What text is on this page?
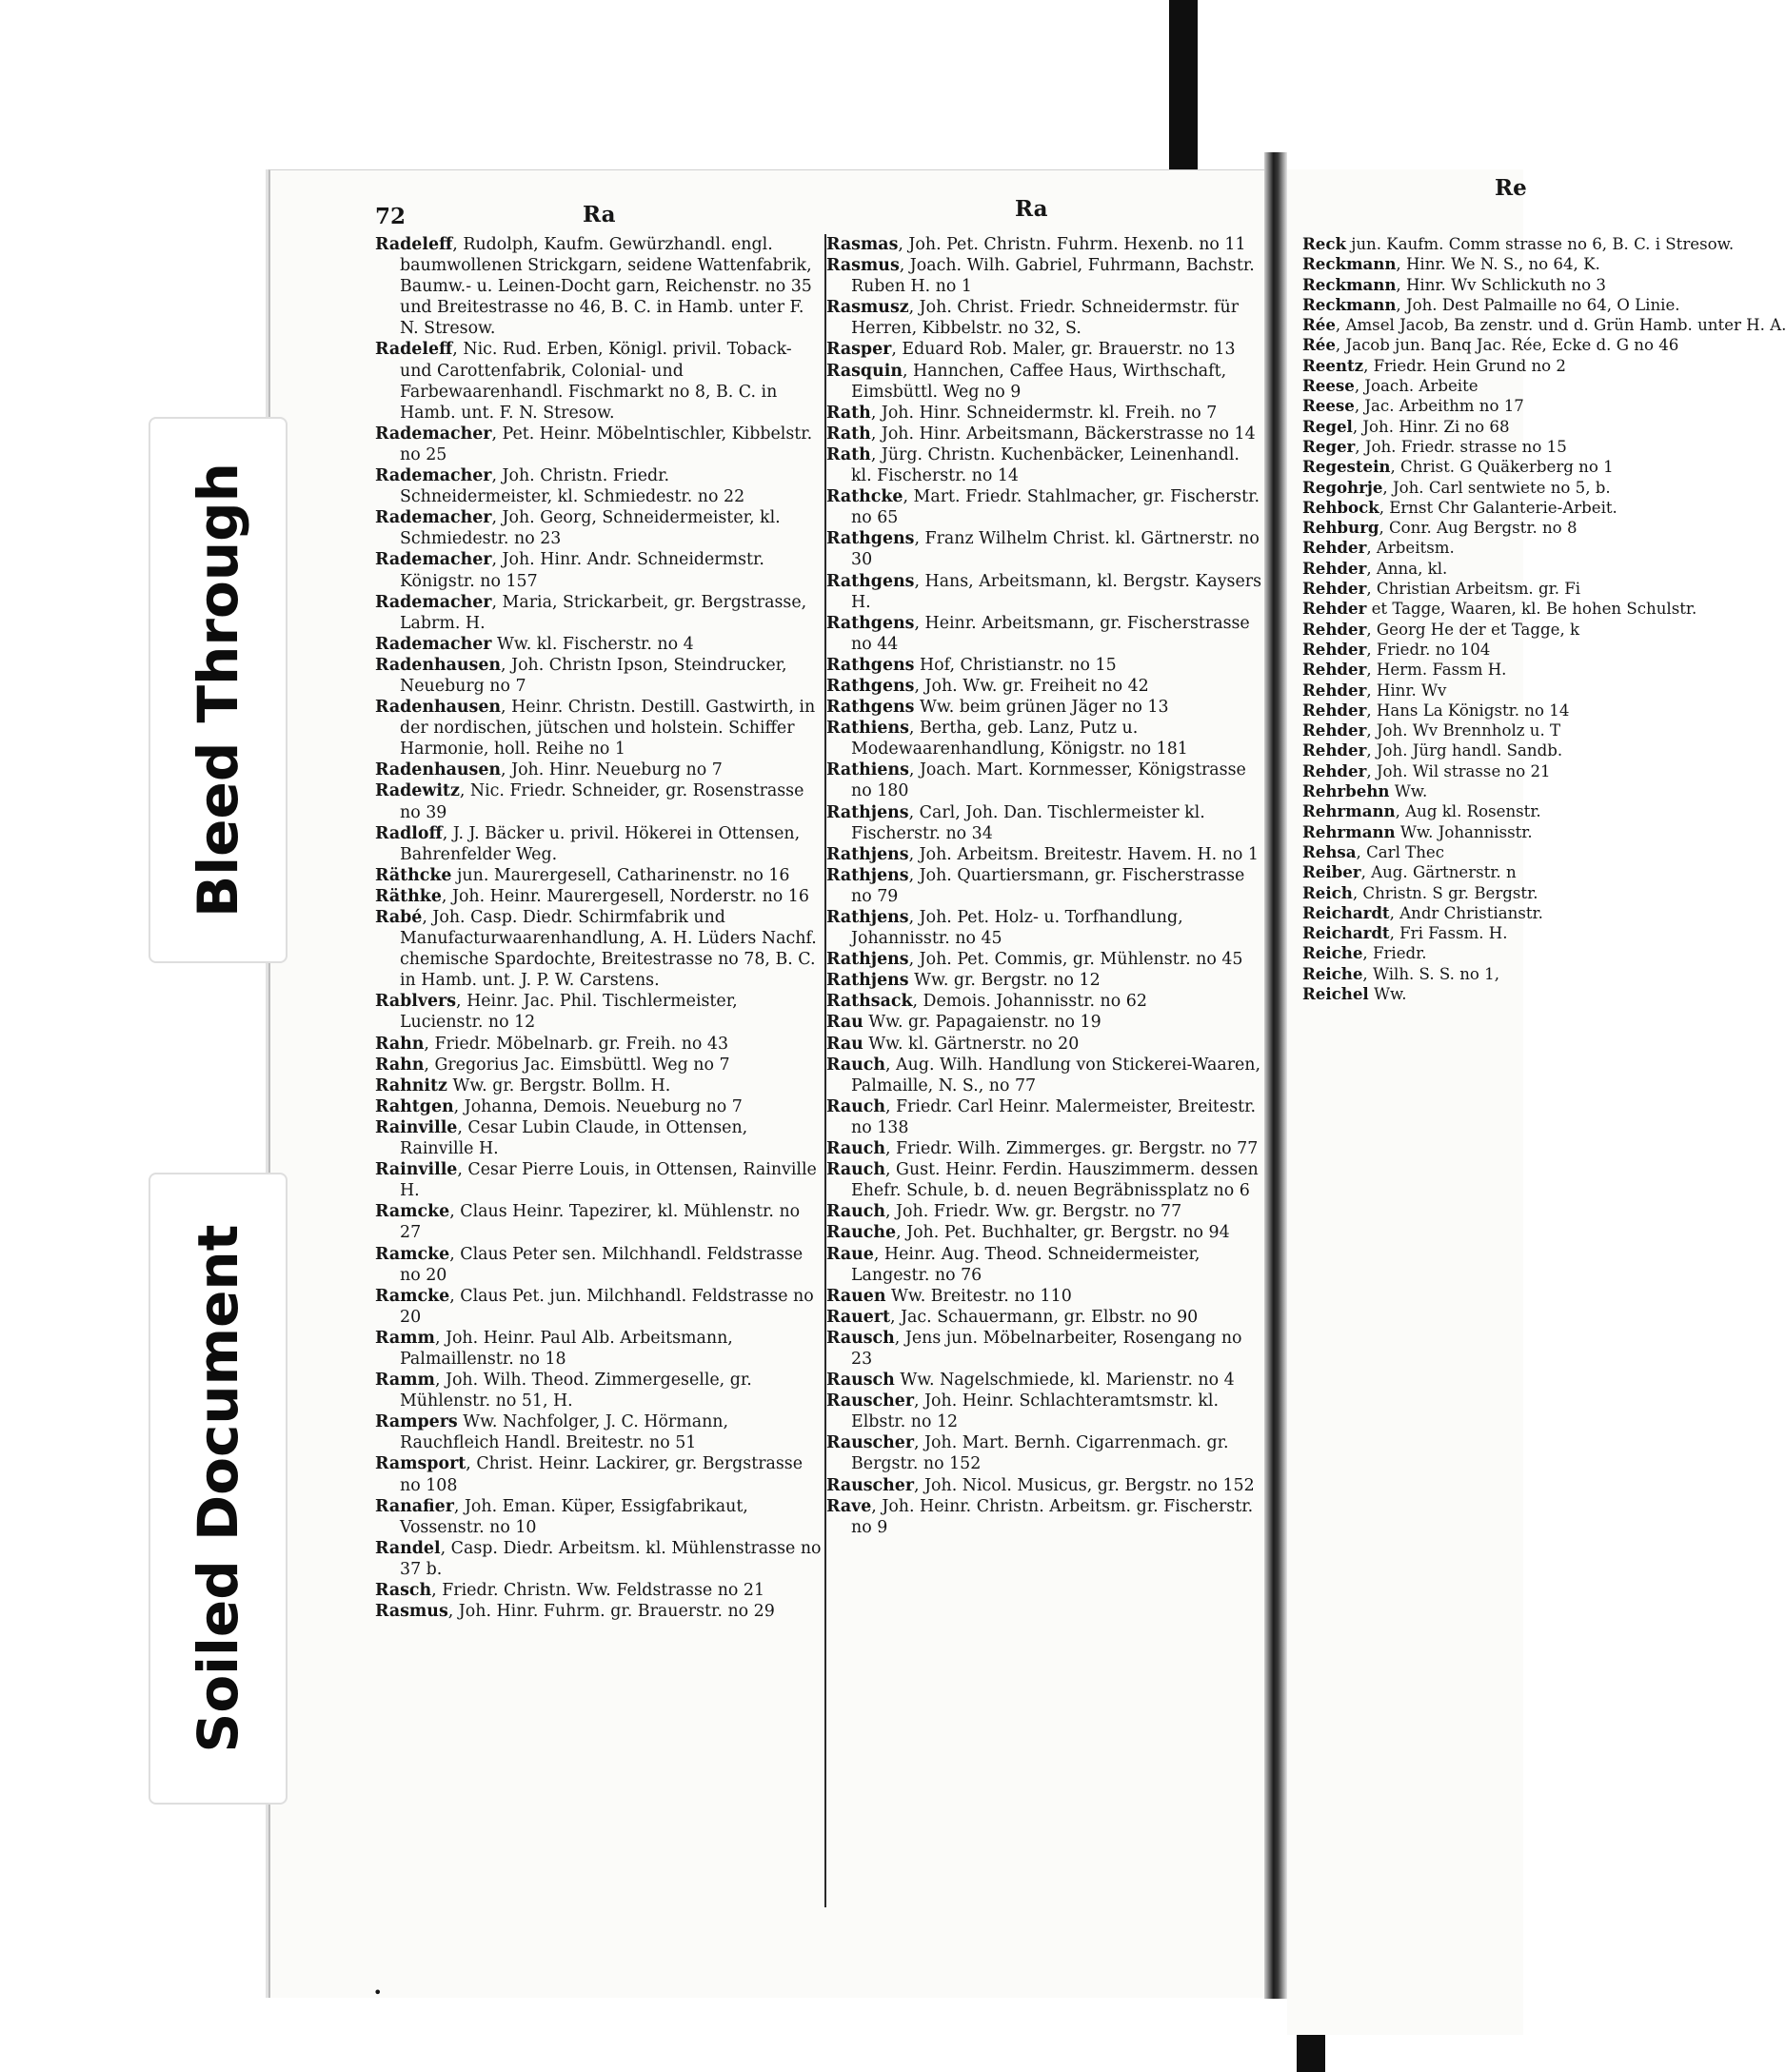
72	Ra	Ra
Re

Radeleff, Rudolph, Kaufm. Gewürzhandl. engl. baumwollenen Strickgarn, seidene Wattenfabrik, Baumw.- u. Leinen-Docht garn, Reichenstr. no 35 und Breitestrasse no 46, B. C. in Hamb. unter F. N. Stresow.

Radeleff, Nic. Rud. Erben, Königl. privil. Toback- und Carottenfabrik, Colonial- und Farbewaarenhandl. Fischmarkt no 8, B. C. in Hamb. unt. F. N. Stresow.

Rademacher, Pet. Heinr. Möbelntischler, Kibbelstr. no 25

Rademacher, Joh. Christn. Friedr. Schneidermeister, kl. Schmiedestr. no 22

Rademacher, Joh. Georg, Schneidermeister, kl. Schmiedestr. no 23

Rademacher, Joh. Hinr. Andr. Schneidermstr. Königstr. no 157

Rademacher, Maria, Strickarbeit, gr. Bergstrasse, Labrm. H.

Rademacher Ww. kl. Fischerstr. no 4

Radenhausen, Joh. Christn Ipson, Steindrucker, Neueburg no 7

Radenhausen, Heinr. Christn. Destill. Gastwirth, in der nordischen, jütschen und holstein. Schiffer Harmonie, holl. Reihe no 1

Radenhausen, Joh. Hinr. Neueburg no 7

Radewitz, Nic. Friedr. Schneider, gr. Rosenstrasse no 39

Radloff, J. J. Bäcker u. privil. Hökerei in Ottensen, Bahrenfelder Weg.

Räthcke jun. Maurergesell, Catharinenstr. no 16

Räthke, Joh. Heinr. Maurergesell, Norderstr. no 16

Rabé, Joh. Casp. Diedr. Schirmfabrik und Manufacturwaarenhandlung, A. H. Lüders Nachf. chemische Spardochte, Breitestrasse no 78, B. C. in Hamb. unt. J. P. W. Carstens.

Rablvers, Heinr. Jac. Phil. Tischlermeister, Lucienstr. no 12

Rahn, Friedr. Möbelnarb. gr. Freih. no 43

Rahn, Gregorius Jac. Eimsbüttl. Weg no 7

Rahnitz Ww. gr. Bergstr. Bollm. H.

Rahtgen, Johanna, Demois. Neueburg no 7

Rainville, Cesar Lubin Claude, in Ottensen, Rainville H.

Rainville, Cesar Pierre Louis, in Ottensen, Rainville H.

Ramcke, Claus Heinr. Tapezirer, kl. Mühlenstr. no 27

Ramcke, Claus Peter sen. Milchhandl. Feldstrasse no 20

Ramcke, Claus Pet. jun. Milchhandl. Feldstrasse no 20

Ramm, Joh. Heinr. Paul Alb. Arbeitsmann, Palmaillenstr. no 18

Ramm, Joh. Wilh. Theod. Zimmergeselle, gr. Mühlenstr. no 51, H.

Rampers Ww. Nachfolger, J. C. Hörmann, Rauchfleich Handl. Breitestr. no 51

Ramsport, Christ. Heinr. Lackirer, gr. Bergstrasse no 108

Ranafier, Joh. Eman. Küper, Essigfabrikaut, Vossenstr. no 10

Randel, Casp. Diedr. Arbeitsm. kl. Mühlenstrasse no 37 b.

Rasch, Friedr. Christn. Ww. Feldstrasse no 21

Rasmus, Joh. Hinr. Fuhrm. gr. Brauerstr. no 29

Rasmas, Joh. Pet. Christn. Fuhrm. Hexenb. no 11

Rasmus, Joach. Wilh. Gabriel, Fuhrmann, Bachstr. Ruben H. no 1

Rasmusz, Joh. Christ. Friedr. Schneidermstr. für Herren, Kibbelstr. no 32, S.

Rasper, Eduard Rob. Maler, gr. Brauerstr. no 13

Rasquin, Hannchen, Caffee Haus, Wirthschaft, Eimsbüttl. Weg no 9

Rath, Joh. Hinr. Schneidermstr. kl. Freih. no 7

Rath, Joh. Hinr. Arbeitsmann, Bäckerstrasse no 14

Rath, Jürg. Christn. Kuchenbäcker, Leinenhandl. kl. Fischerstr. no 14

Rathcke, Mart. Friedr. Stahlmacher, gr. Fischerstr. no 65

Rathgens, Franz Wilhelm Christ. kl. Gärtnerstr. no 30

Rathgens, Hans, Arbeitsmann, kl. Bergstr. Kaysers H.

Rathgens, Heinr. Arbeitsmann, gr. Fischerstrasse no 44

Rathgens Hof, Christianstr. no 15

Rathgens, Joh. Ww. gr. Freiheit no 42

Rathgens Ww. beim grünen Jäger no 13

Rathiens, Bertha, geb. Lanz, Putz u. Modewaarenhandlung, Königstr. no 181

Rathiens, Joach. Mart. Kornmesser, Königstrasse no 180

Rathjens, Carl, Joh. Dan. Tischlermeister kl. Fischerstr. no 34

Rathjens, Joh. Arbeitsm. Breitestr. Havem. H. no 1

Rathjens, Joh. Quartiersmann, gr. Fischerstrasse no 79

Rathjens, Joh. Pet. Holz- u. Torfhandlung, Johannisstr. no 45

Rathjens, Joh. Pet. Commis, gr. Mühlenstr. no 45

Rathjens Ww. gr. Bergstr. no 12

Rathsack, Demois. Johannisstr. no 62

Rau Ww. gr. Papagaienstr. no 19

Rau Ww. kl. Gärtnerstr. no 20

Rauch, Aug. Wilh. Handlung von Stickerei-Waaren, Palmaille, N. S., no 77

Rauch, Friedr. Carl Heinr. Malermeister, Breitestr. no 138

Rauch, Friedr. Wilh. Zimmerges. gr. Bergstr. no 77

Rauch, Gust. Heinr. Ferdin. Hauszimmerm. dessen Ehefr. Schule, b. d. neuen Begräbnissplatz no 6

Rauch, Joh. Friedr. Ww. gr. Bergstr. no 77

Rauche, Joh. Pet. Buchhalter, gr. Bergstr. no 94

Raue, Heinr. Aug. Theod. Schneidermeister, Langestr. no 76

Rauen Ww. Breitestr. no 110

Rauert, Jac. Schauermann, gr. Elbstr. no 90

Rausch, Jens jun. Möbelnarbeiter, Rosengang no 23

Rausch Ww. Nagelschmiede, kl. Marienstr. no 4

Rauscher, Joh. Heinr. Schlachteramtsmstr. kl. Elbstr. no 12

Rauscher, Joh. Mart. Bernh. Cigarrenmach. gr. Bergstr. no 152

Rauscher, Joh. Nicol. Musicus, gr. Bergstr. no 152

Rave, Joh. Heinr. Christn. Arbeitsm. gr. Fischerstr. no 9

Reck jun. Kaufm. Comm strasse no 6, B. C. i Stresow.

Reckmann, Hinr. We N. S., no 64, K.

Reckmann, Hinr. Wv Schlickuth no 3

Reckmann, Joh. Dest Palmaille no 64, O Linie.

Rée, Amsel Jacob, Ba zenstr. und d. Grün Hamb. unter H. A.

Rée, Jacob jun. Banq Jac. Rée, Ecke d. G no 46

Reentz, Friedr. Hein Grund no 2

Reese, Joach. Arbeite

Reese, Jac. Arbeithm no 17

Regel, Joh. Hinr. Zi no 68

Reger, Joh. Friedr. strasse no 15

Regestein, Christ. G Quäkerberg no 1

Regohrje, Joh. Carl sentwiete no 5, b.

Rehbock, Ernst Chr Galanterie-Arbeit.

Rehburg, Conr. Aug Bergstr. no 8

Rehder, Arbeitsm.

Rehder, Anna, kl.

Rehder, Christian Arbeitsm. gr. Fi

Rehder et Tagge, Waaren, kl. Be hohen Schulstr.

Rehder, Georg He der et Tagge, k

Rehder, Friedr. no 104

Rehder, Herm. Fassm H.

Rehder, Hinr. Wv

Rehder, Hans La Königstr. no 14

Rehder, Joh. Wv Brennholz u. T

Rehder, Joh. Jürg handl. Sandb.

Rehder, Joh. Wil strasse no 21

Rehrbehn Ww.

Rehrmann, Aug kl. Rosenstr.

Rehrmann Ww. Johannisstr.

Rehsa, Carl Thec

Reiber, Aug. Gärtnerstr. n

Reich, Christn. S gr. Bergstr.

Reichardt, Andr Christianstr.

Reichardt, Fri Fassm. H.

Reiche, Friedr.

Reiche, Wilh. S. S. no 1,

Reichel Ww.

•
Bleed Through
Soiled Document
